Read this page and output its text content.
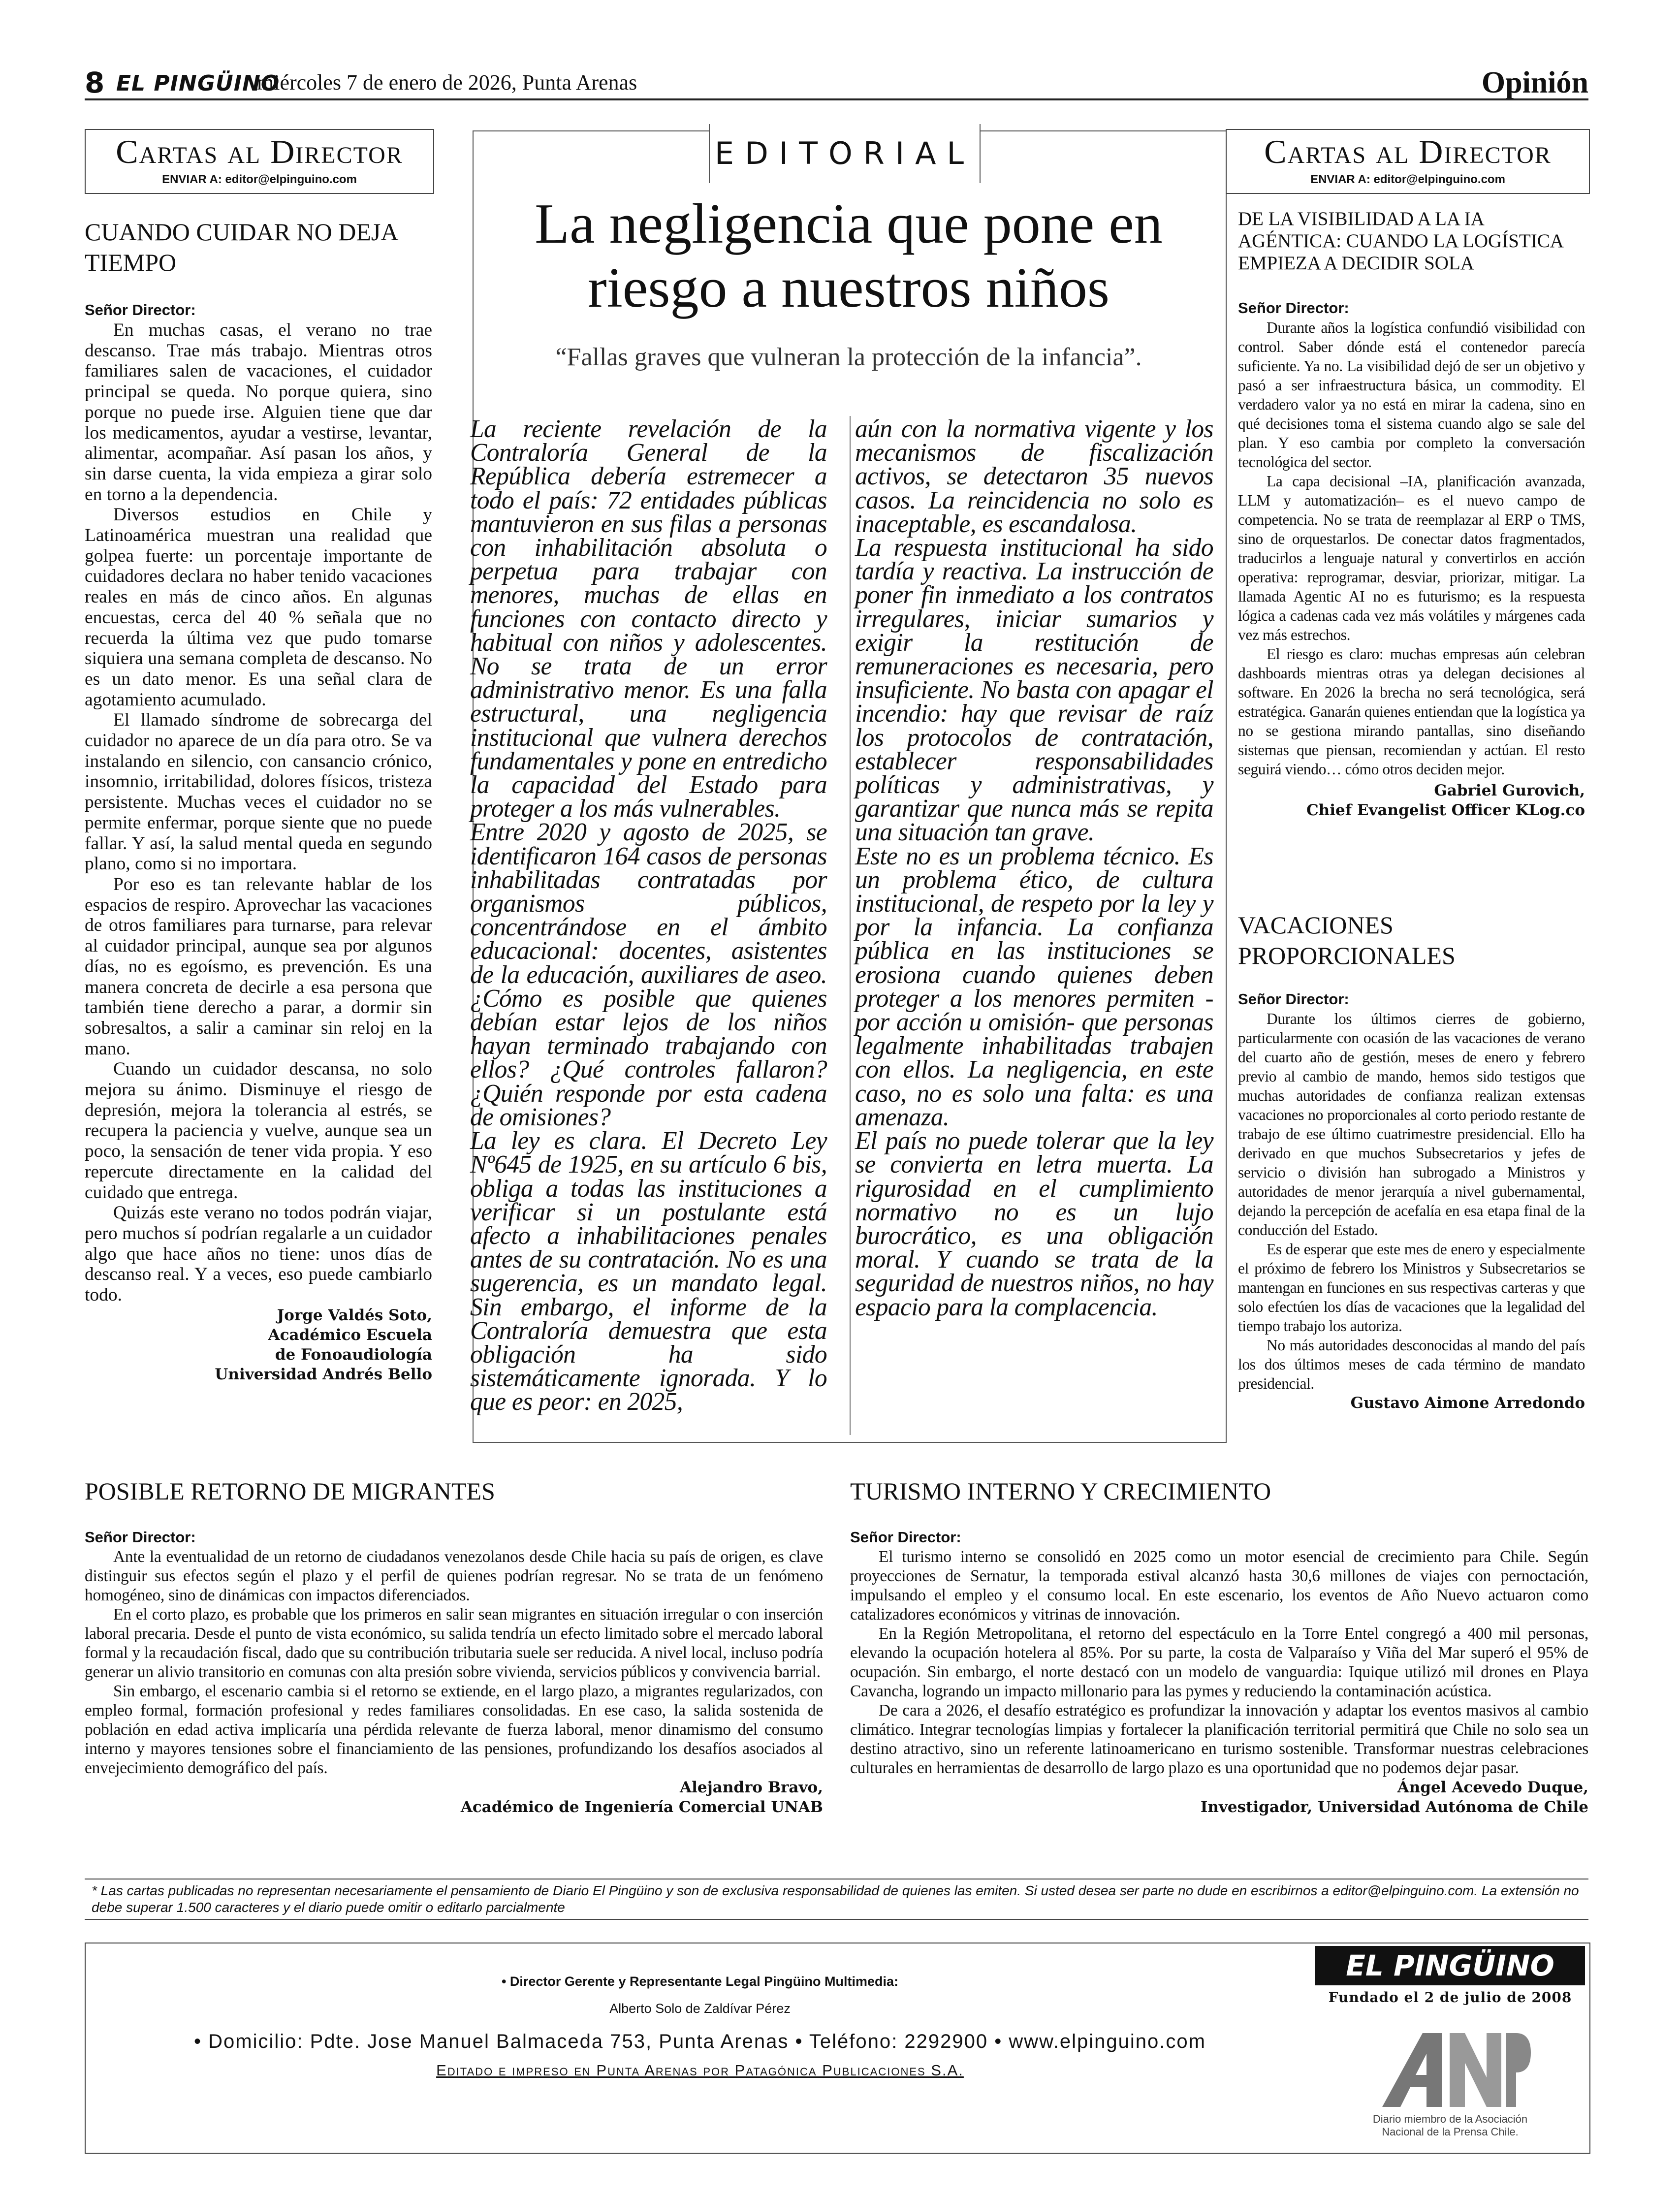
8 EL PINGÜINO
miércoles 7 de enero de 2026, Punta Arenas	Opinión
Cartas al Director
ENVIAR A: editor@elpinguino.com
CUANDO CUIDAR NO DEJA TIEMPO

Señor Director:

En muchas casas, el verano no trae descanso. Trae más trabajo. Mientras otros familiares salen de vacaciones, el cuidador principal se queda. No porque quiera, sino porque no puede irse. Alguien tiene que dar los medicamentos, ayudar a vestirse, levantar, alimentar, acompañar. Así pasan los años, y sin darse cuenta, la vida empieza a girar solo en torno a la dependencia.

Diversos estudios en Chile y Latinoamérica muestran una realidad que golpea fuerte: un porcentaje importante de cuidadores declara no haber tenido vacaciones reales en más de cinco años. En algunas encuestas, cerca del 40 % señala que no recuerda la última vez que pudo tomarse siquiera una semana completa de descanso. No es un dato menor. Es una señal clara de agotamiento acumulado.

El llamado síndrome de sobrecarga del cuidador no aparece de un día para otro. Se va instalando en silencio, con cansancio crónico, insomnio, irritabilidad, dolores físicos, tristeza persistente. Muchas veces el cuidador no se permite enfermar, porque siente que no puede fallar. Y así, la salud mental queda en segundo plano, como si no importara.

Por eso es tan relevante hablar de los espacios de respiro. Aprovechar las vacaciones de otros familiares para turnarse, para relevar al cuidador principal, aunque sea por algunos días, no es egoísmo, es prevención. Es una manera concreta de decirle a esa persona que también tiene derecho a parar, a dormir sin sobresaltos, a salir a caminar sin reloj en la mano.

Cuando un cuidador descansa, no solo mejora su ánimo. Disminuye el riesgo de depresión, mejora la tolerancia al estrés, se recupera la paciencia y vuelve, aunque sea un poco, la sensación de tener vida propia. Y eso repercute directamente en la calidad del cuidado que entrega.

Quizás este verano no todos podrán viajar, pero muchos sí podrían regalarle a un cuidador algo que hace años no tiene: unos días de descanso real. Y a veces, eso puede cambiarlo todo.

Jorge Valdés Soto,
Académico Escuela
de Fonoaudiología
Universidad Andrés Bello
EDITORIAL
La negligencia que pone en riesgo a nuestros niños
“Fallas graves que vulneran la protección de la infancia”.

La reciente revelación de la Contraloría General de la República debería estremecer a todo el país: 72 entidades públicas mantuvieron en sus filas a personas con inhabilitación absoluta o perpetua para trabajar con menores, muchas de ellas en funciones con contacto directo y habitual con niños y adolescentes. No se trata de un error administrativo menor. Es una falla estructural, una negligencia institucional que vulnera derechos fundamentales y pone en entredicho la capacidad del Estado para proteger a los más vulnerables.

Entre 2020 y agosto de 2025, se identificaron 164 casos de personas inhabilitadas contratadas por organismos públicos, concentrándose en el ámbito educacional: docentes, asistentes de la educación, auxiliares de aseo. ¿Cómo es posible que quienes debían estar lejos de los niños hayan terminado trabajando con ellos? ¿Qué controles fallaron? ¿Quién responde por esta cadena de omisiones?

La ley es clara. El Decreto Ley Nº645 de 1925, en su artículo 6 bis, obliga a todas las instituciones a verificar si un postulante está afecto a inhabilitaciones penales antes de su contratación. No es una sugerencia, es un mandato legal. Sin embargo, el informe de la Contraloría demuestra que esta obligación ha sido sistemáticamente ignorada. Y lo que es peor: en 2025,

aún con la normativa vigente y los mecanismos de fiscalización activos, se detectaron 35 nuevos casos. La reincidencia no solo es inaceptable, es escandalosa.

La respuesta institucional ha sido tardía y reactiva. La instrucción de poner fin inmediato a los contratos irregulares, iniciar sumarios y exigir la restitución de remuneraciones es necesaria, pero insuficiente. No basta con apagar el incendio: hay que revisar de raíz los protocolos de contratación, establecer responsabilidades políticas y administrativas, y garantizar que nunca más se repita una situación tan grave.

Este no es un problema técnico. Es un problema ético, de cultura institucional, de respeto por la ley y por la infancia. La confianza pública en las instituciones se erosiona cuando quienes deben proteger a los menores permiten -por acción u omisión- que personas legalmente inhabilitadas trabajen con ellos. La negligencia, en este caso, no es solo una falta: es una amenaza.

El país no puede tolerar que la ley se convierta en letra muerta. La rigurosidad en el cumplimiento normativo no es un lujo burocrático, es una obligación moral. Y cuando se trata de la seguridad de nuestros niños, no hay espacio para la complacencia.

Cartas al Director
ENVIAR A: editor@elpinguino.com
DE LA VISIBILIDAD A LA IA AGÉNTICA: CUANDO LA LOGÍSTICA EMPIEZA A DECIDIR SOLA

Señor Director:

Durante años la logística confundió visibilidad con control. Saber dónde está el contenedor parecía suficiente. Ya no. La visibilidad dejó de ser un objetivo y pasó a ser infraestructura básica, un commodity. El verdadero valor ya no está en mirar la cadena, sino en qué decisiones toma el sistema cuando algo se sale del plan. Y eso cambia por completo la conversación tecnológica del sector.

La capa decisional –IA, planificación avanzada, LLM y automatización– es el nuevo campo de competencia. No se trata de reemplazar al ERP o TMS, sino de orquestarlos. De conectar datos fragmentados, traducirlos a lenguaje natural y convertirlos en acción operativa: reprogramar, desviar, priorizar, mitigar. La llamada Agentic AI no es futurismo; es la respuesta lógica a cadenas cada vez más volátiles y márgenes cada vez más estrechos.

El riesgo es claro: muchas empresas aún celebran dashboards mientras otras ya delegan decisiones al software. En 2026 la brecha no será tecnológica, será estratégica. Ganarán quienes entiendan que la logística ya no se gestiona mirando pantallas, sino diseñando sistemas que piensan, recomiendan y actúan. El resto seguirá viendo… cómo otros deciden mejor.

Gabriel Gurovich,
Chief Evangelist Officer KLog.co
VACACIONES PROPORCIONALES

Señor Director:

Durante los últimos cierres de gobierno, particularmente con ocasión de las vacaciones de verano del cuarto año de gestión, meses de enero y febrero previo al cambio de mando, hemos sido testigos que muchas autoridades de confianza realizan extensas vacaciones no proporcionales al corto periodo restante de trabajo de ese último cuatrimestre presidencial. Ello ha derivado en que muchos Subsecretarios y jefes de servicio o división han subrogado a Ministros y autoridades de menor jerarquía a nivel gubernamental, dejando la percepción de acefalía en esa etapa final de la conducción del Estado.

Es de esperar que este mes de enero y especialmente el próximo de febrero los Ministros y Subsecretarios se mantengan en funciones en sus respectivas carteras y que solo efectúen los días de vacaciones que la legalidad del tiempo trabajo los autoriza.

No más autoridades desconocidas al mando del país los dos últimos meses de cada término de mandato presidencial.

Gustavo Aimone Arredondo
POSIBLE RETORNO DE MIGRANTES

Señor Director:

Ante la eventualidad de un retorno de ciudadanos venezolanos desde Chile hacia su país de origen, es clave distinguir sus efectos según el plazo y el perfil de quienes podrían regresar. No se trata de un fenómeno homogéneo, sino de dinámicas con impactos diferenciados.

En el corto plazo, es probable que los primeros en salir sean migrantes en situación irregular o con inserción laboral precaria. Desde el punto de vista económico, su salida tendría un efecto limitado sobre el mercado laboral formal y la recaudación fiscal, dado que su contribución tributaria suele ser reducida. A nivel local, incluso podría generar un alivio transitorio en comunas con alta presión sobre vivienda, servicios públicos y convivencia barrial.

Sin embargo, el escenario cambia si el retorno se extiende, en el largo plazo, a migrantes regularizados, con empleo formal, formación profesional y redes familiares consolidadas. En ese caso, la salida sostenida de población en edad activa implicaría una pérdida relevante de fuerza laboral, menor dinamismo del consumo interno y mayores tensiones sobre el financiamiento de las pensiones, profundizando los desafíos asociados al envejecimiento demográfico del país.

Alejandro Bravo,
Académico de Ingeniería Comercial UNAB
TURISMO INTERNO Y CRECIMIENTO

Señor Director:

El turismo interno se consolidó en 2025 como un motor esencial de crecimiento para Chile. Según proyecciones de Sernatur, la temporada estival alcanzó hasta 30,6 millones de viajes con pernoctación, impulsando el empleo y el consumo local. En este escenario, los eventos de Año Nuevo actuaron como catalizadores económicos y vitrinas de innovación.

En la Región Metropolitana, el retorno del espectáculo en la Torre Entel congregó a 400 mil personas, elevando la ocupación hotelera al 85%. Por su parte, la costa de Valparaíso y Viña del Mar superó el 95% de ocupación. Sin embargo, el norte destacó con un modelo de vanguardia: Iquique utilizó mil drones en Playa Cavancha, logrando un impacto millonario para las pymes y reduciendo la contaminación acústica.

De cara a 2026, el desafío estratégico es profundizar la innovación y adaptar los eventos masivos al cambio climático. Integrar tecnologías limpias y fortalecer la planificación territorial permitirá que Chile no solo sea un destino atractivo, sino un referente latinoamericano en turismo sostenible. Transformar nuestras celebraciones culturales en herramientas de desarrollo de largo plazo es una oportunidad que no podemos dejar pasar.

Ángel Acevedo Duque,
Investigador, Universidad Autónoma de Chile
* Las cartas publicadas no representan necesariamente el pensamiento de Diario El Pingüino y son de exclusiva responsabilidad de quienes las emiten. Si usted desea ser parte no dude en escribirnos a editor@elpinguino.com. La extensión no debe superar 1.500 caracteres y el diario puede omitir o editarlo parcialmente
• Director Gerente y Representante Legal Pingüino Multimedia:
Alberto Solo de Zaldívar Pérez
• Domicilio: Pdte. Jose Manuel Balmaceda 753, Punta Arenas • Teléfono: 2292900 • www.elpinguino.com
Editado e impreso en Punta Arenas por Patagónica Publicaciones S.A.
EL PINGÜINO
Fundado el 2 de julio de 2008
Diario miembro de la Asociación
Nacional de la Prensa Chile.
